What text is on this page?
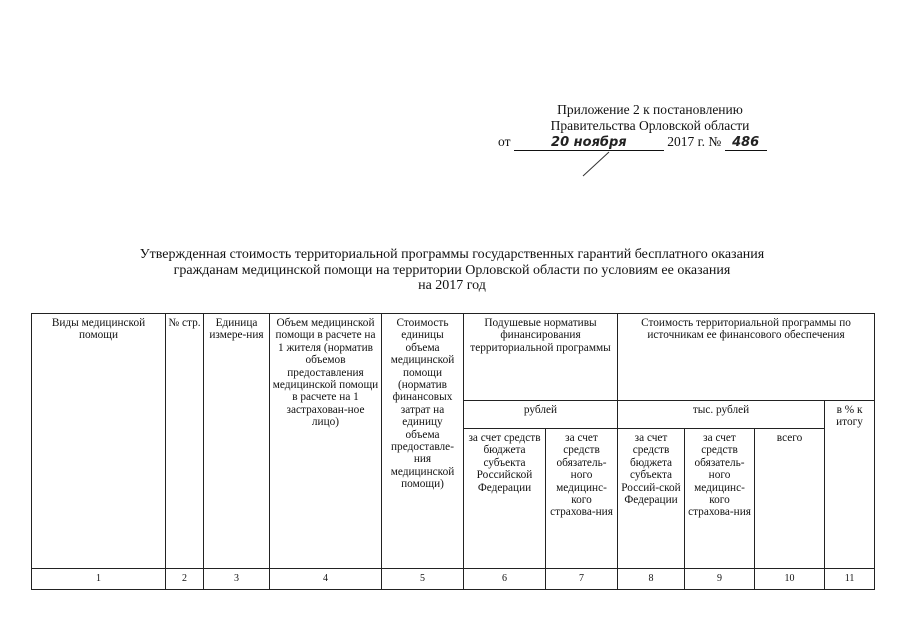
Приложение 2 к постановлению
Правительства Орловской области
от	20 ноября	2017 г. № 486
Утвержденная стоимость территориальной программы государственных гарантий бесплатного оказания
гражданам медицинской помощи на территории Орловской области по условиям ее оказания
на 2017 год
Виды медицинской помощи	№ стр.	Единица измере-ния	Объем медицинской помощи в расчете на 1 жителя (норматив объемов предоставления медицинской помощи в расчете на 1 застрахован-ное лицо)	Стоимость единицы объема медицинской помощи (норматив финансовых затрат на единицу объема предоставле-ния медицинской помощи)	Подушевые нормативы финансирования территориальной программы		Стоимость территориальной программы по источникам ее финансового обеспечения			
					рублей		тыс. рублей			в % к итогу
					за счет средств бюджета субъекта Российской Федерации	за счет средств обязатель-ного медицинс-кого страхова-ния	за счет средств бюджета субъекта Россий-ской Федерации	за счет средств обязатель-ного медицинс-кого страхова-ния	всего	
1	2	3	4	5	6	7	8	9	10	11
